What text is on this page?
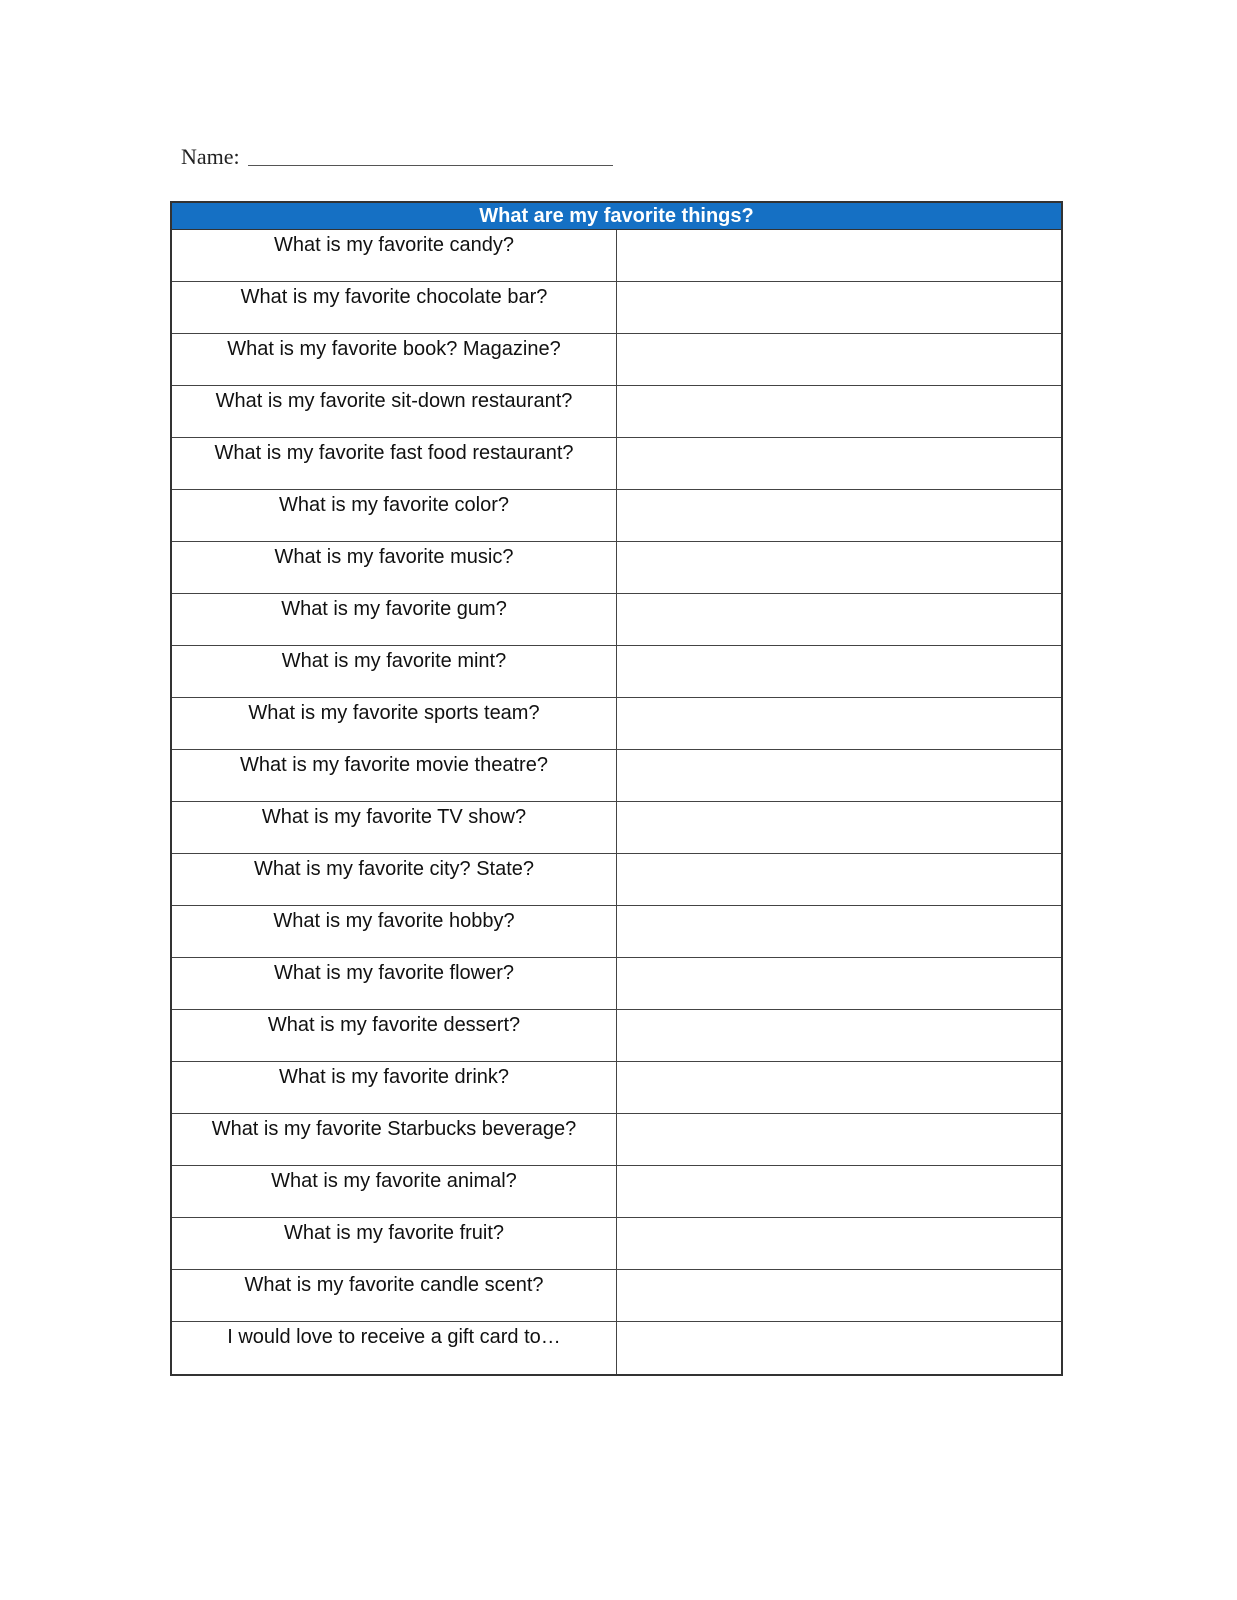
Name:
What are my favorite things?
What is my favorite candy?
What is my favorite chocolate bar?
What is my favorite book? Magazine?
What is my favorite sit-down restaurant?
What is my favorite fast food restaurant?
What is my favorite color?
What is my favorite music?
What is my favorite gum?
What is my favorite mint?
What is my favorite sports team?
What is my favorite movie theatre?
What is my favorite TV show?
What is my favorite city? State?
What is my favorite hobby?
What is my favorite flower?
What is my favorite dessert?
What is my favorite drink?
What is my favorite Starbucks beverage?
What is my favorite animal?
What is my favorite fruit?
What is my favorite candle scent?
I would love to receive a gift card to…
